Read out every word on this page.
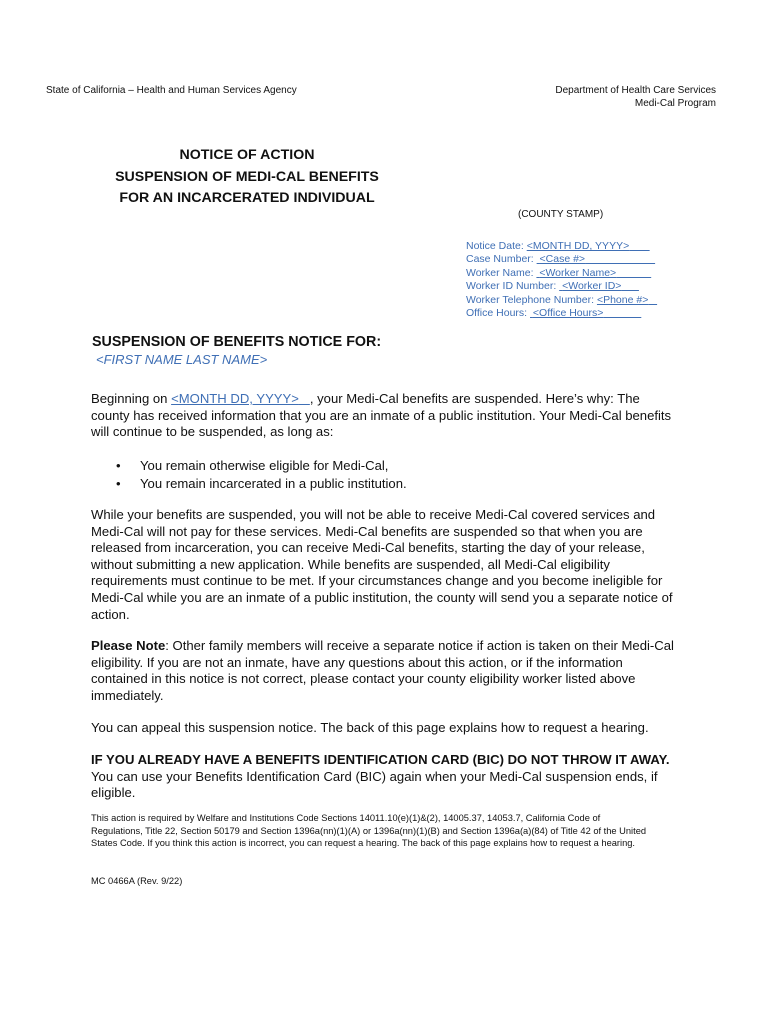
State of California – Health and Human Services Agency	Department of Health Care Services
Medi-Cal Program
NOTICE OF ACTION
SUSPENSION OF MEDI-CAL BENEFITS
FOR AN INCARCERATED INDIVIDUAL
(COUNTY STAMP)
Notice Date: <MONTH DD, YYYY>
Case Number:  <Case #>
Worker Name:  <Worker Name>
Worker ID Number:  <Worker ID>
Worker Telephone Number: <Phone #>
Office Hours:  <Office Hours>
SUSPENSION OF BENEFITS NOTICE FOR:
<FIRST NAME LAST NAME>
Beginning on <MONTH DD, YYYY> , your Medi-Cal benefits are suspended. Here’s why: The county has received information that you are an inmate of a public institution. Your Medi-Cal benefits will continue to be suspended, as long as:
•	You remain otherwise eligible for Medi-Cal,
•	You remain incarcerated in a public institution.
While your benefits are suspended, you will not be able to receive Medi-Cal covered services and Medi-Cal will not pay for these services. Medi-Cal benefits are suspended so that when you are released from incarceration, you can receive Medi-Cal benefits, starting the day of your release, without submitting a new application. While benefits are suspended, all Medi-Cal eligibility requirements must continue to be met. If your circumstances change and you become ineligible for Medi-Cal while you are an inmate of a public institution, the county will send you a separate notice of action.
Please Note: Other family members will receive a separate notice if action is taken on their Medi-Cal eligibility. If you are not an inmate, have any questions about this action, or if the information contained in this notice is not correct, please contact your county eligibility worker listed above immediately.
You can appeal this suspension notice. The back of this page explains how to request a hearing.
IF YOU ALREADY HAVE A BENEFITS IDENTIFICATION CARD (BIC) DO NOT THROW IT AWAY. You can use your Benefits Identification Card (BIC) again when your Medi-Cal suspension ends, if eligible.
This action is required by Welfare and Institutions Code Sections 14011.10(e)(1)&(2), 14005.37, 14053.7, California Code of Regulations, Title 22, Section 50179 and Section 1396a(nn)(1)(A) or 1396a(nn)(1)(B) and Section 1396a(a)(84) of Title 42 of the United States Code. If you think this action is incorrect, you can request a hearing. The back of this page explains how to request a hearing.
MC 0466A (Rev. 9/22)
